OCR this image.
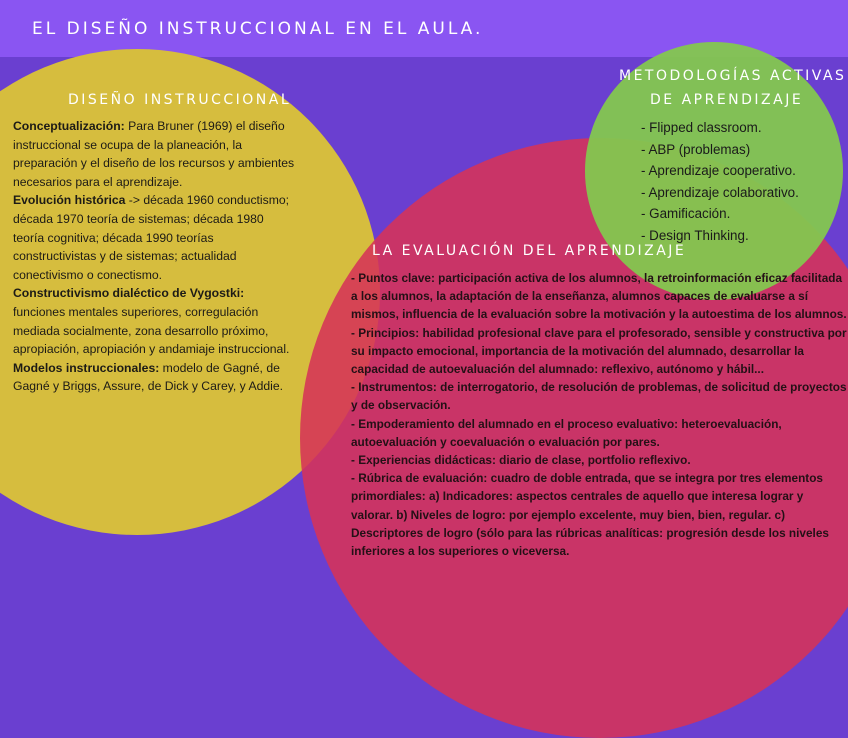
EL DISEÑO INSTRUCCIONAL EN EL AULA.
DISEÑO INSTRUCCIONAL

Conceptualización: Para Bruner (1969) el diseño instruccional se ocupa de la planeación, la preparación y el diseño de los recursos y ambientes necesarios para el aprendizaje.

Evolución histórica -> década 1960 conductismo; década 1970 teoría de sistemas; década 1980 teoría cognitiva; década 1990 teorías constructivistas y de sistemas; actualidad conectivismo o conectismo.

Constructivismo dialéctico de Vygostki: funciones mentales superiores, corregulación mediada socialmente, zona desarrollo próximo, apropiación, apropiación y andamiaje instruccional.

Modelos instruccionales: modelo de Gagné, de Gagné y Briggs, Assure, de Dick y Carey, y Addie.

METODOLOGÍAS ACTIVAS
DE APRENDIZAJE
- Flipped classroom.
- ABP (problemas)
- Aprendizaje cooperativo.
- Aprendizaje colaborativo.
- Gamificación.
- Design Thinking.
LA EVALUACIÓN DEL APRENDIZAJE

- Puntos clave: participación activa de los alumnos, la retroinformación eficaz facilitada a los alumnos, la adaptación de la enseñanza, alumnos capaces de evaluarse a sí mismos, influencia de la evaluación sobre la motivación y la autoestima de los alumnos.

- Principios: habilidad profesional clave para el profesorado, sensible y constructiva por su impacto emocional, importancia de la motivación del alumnado, desarrollar la capacidad de autoevaluación del alumnado: reflexivo, autónomo y hábil...

- Instrumentos: de interrogatorio, de resolución de problemas, de solicitud de proyectos y de observación.

- Empoderamiento del alumnado en el proceso evaluativo: heteroevaluación, autoevaluación y coevaluación o evaluación por pares.

- Experiencias didácticas: diario de clase, portfolio reflexivo.

- Rúbrica de evaluación: cuadro de doble entrada, que se integra por tres elementos primordiales: a) Indicadores: aspectos centrales de aquello que interesa lograr y valorar. b) Niveles de logro: por ejemplo excelente, muy bien, bien, regular. c) Descriptores de logro (sólo para las rúbricas analíticas: progresión desde los niveles inferiores a los superiores o viceversa.
